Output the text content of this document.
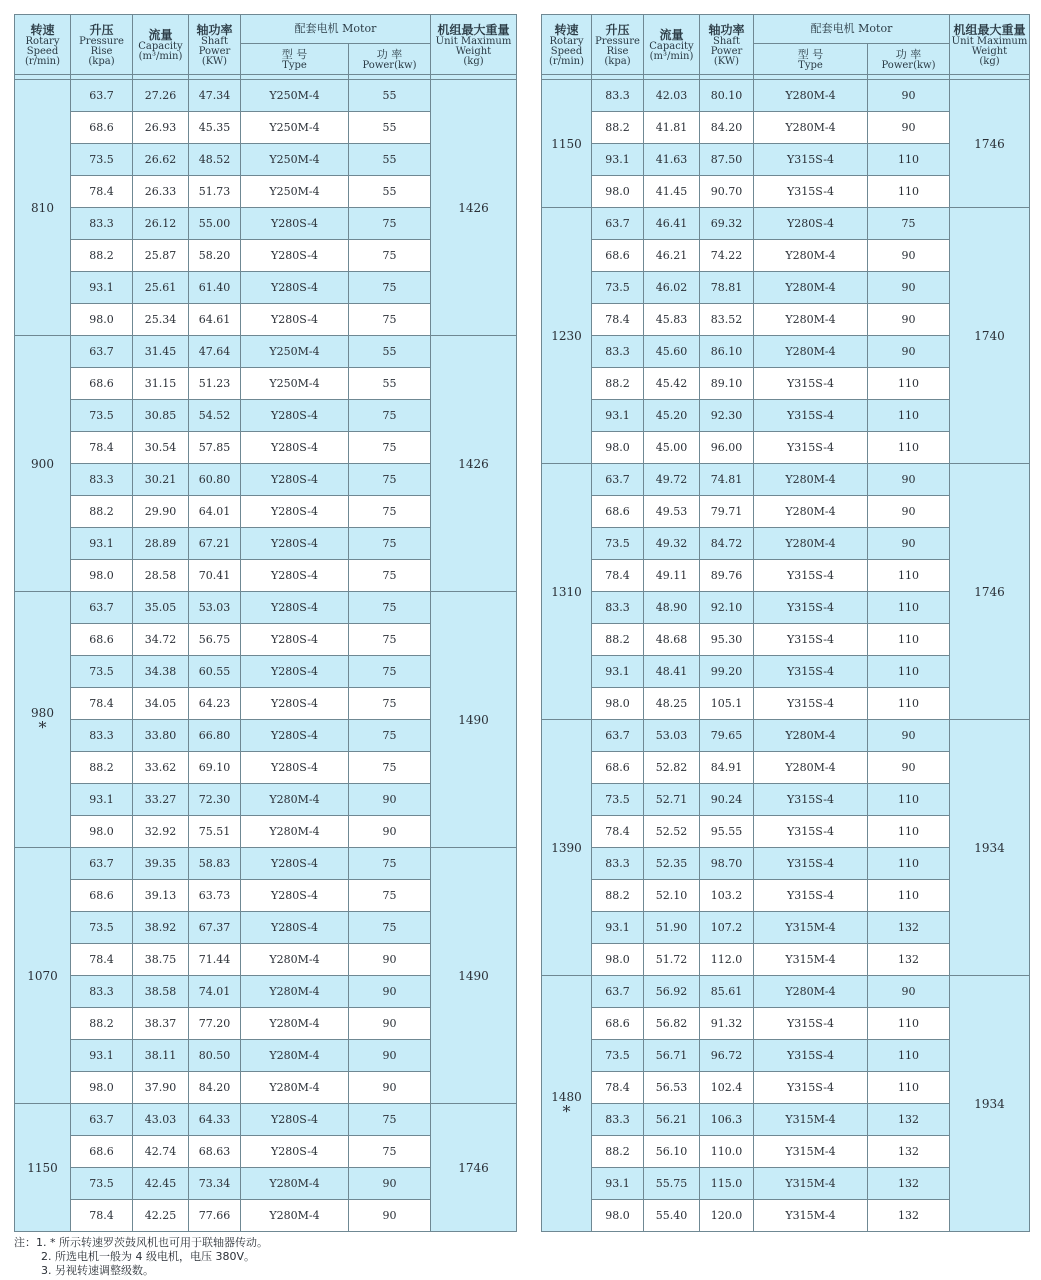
转速
Rotary
Speed
(r/min)	升压
Pressure
Rise
(kpa)	流量
Capacity
(m³/min)	轴功率
Shaft
Power
(KW)	配套电机 Motor		机组最大重量
Unit Maximum
Weight
(kg)

				型 号
Type	功 率
Power(kw)	

810	63.7	27.26	47.34	Y250M-4	55	1426
	68.6	26.93	45.35	Y250M-4	55	
	73.5	26.62	48.52	Y250M-4	55	
	78.4	26.33	51.73	Y250M-4	55	
	83.3	26.12	55.00	Y280S-4	75	
	88.2	25.87	58.20	Y280S-4	75	
	93.1	25.61	61.40	Y280S-4	75	
	98.0	25.34	64.61	Y280S-4	75	
900	63.7	31.45	47.64	Y250M-4	55	1426
	68.6	31.15	51.23	Y250M-4	55	
	73.5	30.85	54.52	Y280S-4	75	
	78.4	30.54	57.85	Y280S-4	75	
	83.3	30.21	60.80	Y280S-4	75	
	88.2	29.90	64.01	Y280S-4	75	
	93.1	28.89	67.21	Y280S-4	75	
	98.0	28.58	70.41	Y280S-4	75	
980
*	63.7	35.05	53.03	Y280S-4	75	1490
	68.6	34.72	56.75	Y280S-4	75	
	73.5	34.38	60.55	Y280S-4	75	
	78.4	34.05	64.23	Y280S-4	75	
	83.3	33.80	66.80	Y280S-4	75	
	88.2	33.62	69.10	Y280S-4	75	
	93.1	33.27	72.30	Y280M-4	90	
	98.0	32.92	75.51	Y280M-4	90	
1070	63.7	39.35	58.83	Y280S-4	75	1490
	68.6	39.13	63.73	Y280S-4	75	
	73.5	38.92	67.37	Y280S-4	75	
	78.4	38.75	71.44	Y280M-4	90	
	83.3	38.58	74.01	Y280M-4	90	
	88.2	38.37	77.20	Y280M-4	90	
	93.1	38.11	80.50	Y280M-4	90	
	98.0	37.90	84.20	Y280M-4	90	
1150	63.7	43.03	64.33	Y280S-4	75	1746
	68.6	42.74	68.63	Y280S-4	75	
	73.5	42.45	73.34	Y280M-4	90	
	78.4	42.25	77.66	Y280M-4	90	
转速
Rotary
Speed
(r/min)	升压
Pressure
Rise
(kpa)	流量
Capacity
(m³/min)	轴功率
Shaft
Power
(KW)	配套电机 Motor		机组最大重量
Unit Maximum
Weight
(kg)

				型 号
Type	功 率
Power(kw)	

1150	83.3	42.03	80.10	Y280M-4	90	1746
	88.2	41.81	84.20	Y280M-4	90	
	93.1	41.63	87.50	Y315S-4	110	
	98.0	41.45	90.70	Y315S-4	110	
1230	63.7	46.41	69.32	Y280S-4	75	1740
	68.6	46.21	74.22	Y280M-4	90	
	73.5	46.02	78.81	Y280M-4	90	
	78.4	45.83	83.52	Y280M-4	90	
	83.3	45.60	86.10	Y280M-4	90	
	88.2	45.42	89.10	Y315S-4	110	
	93.1	45.20	92.30	Y315S-4	110	
	98.0	45.00	96.00	Y315S-4	110	
1310	63.7	49.72	74.81	Y280M-4	90	1746
	68.6	49.53	79.71	Y280M-4	90	
	73.5	49.32	84.72	Y280M-4	90	
	78.4	49.11	89.76	Y315S-4	110	
	83.3	48.90	92.10	Y315S-4	110	
	88.2	48.68	95.30	Y315S-4	110	
	93.1	48.41	99.20	Y315S-4	110	
	98.0	48.25	105.1	Y315S-4	110	
1390	63.7	53.03	79.65	Y280M-4	90	1934
	68.6	52.82	84.91	Y280M-4	90	
	73.5	52.71	90.24	Y315S-4	110	
	78.4	52.52	95.55	Y315S-4	110	
	83.3	52.35	98.70	Y315S-4	110	
	88.2	52.10	103.2	Y315S-4	110	
	93.1	51.90	107.2	Y315M-4	132	
	98.0	51.72	112.0	Y315M-4	132	
1480
*	63.7	56.92	85.61	Y280M-4	90	1934
	68.6	56.82	91.32	Y315S-4	110	
	73.5	56.71	96.72	Y315S-4	110	
	78.4	56.53	102.4	Y315S-4	110	
	83.3	56.21	106.3	Y315M-4	132	
	88.2	56.10	110.0	Y315M-4	132	
	93.1	55.75	115.0	Y315M-4	132	
	98.0	55.40	120.0	Y315M-4	132	
注：1. * 所示转速罗茨鼓风机也可用于联轴器传动。
2. 所选电机一般为 4 级电机，电压 380V。
3. 另视转速调整级数。
